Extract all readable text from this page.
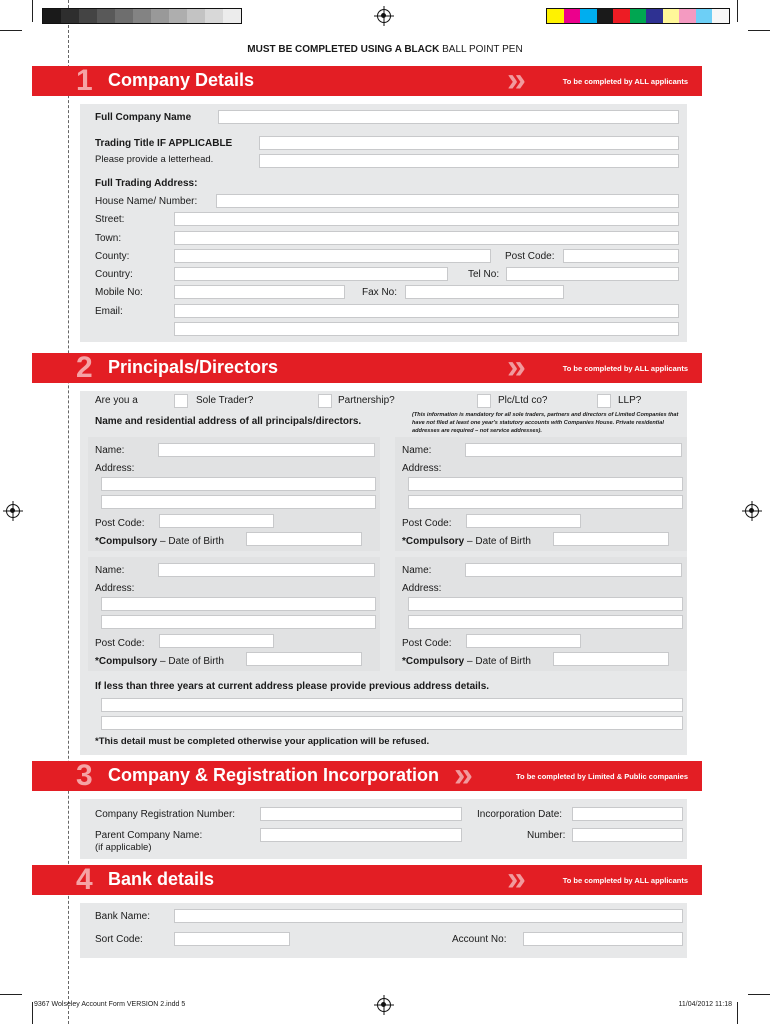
MUST BE COMPLETED USING A BLACK BALL POINT PEN
1 Company Details	»	To be completed by ALL applicants
Full Company Name
Trading Title IF APPLICABLE
Please provide a letterhead.
Full Trading Address:
House Name/ Number:
Street:
Town:
County:	Post Code:
Country:	Tel No:
Mobile No:	Fax No:
Email:
2 Principals/Directors	»	To be completed by ALL applicants
Are you a	Sole Trader?	Partnership?	Plc/Ltd co?	LLP?
Name and residential address of all principals/directors.
(This information is mandatory for all sole traders, partners and directors of Limited Companies that have not filed at least one year's statutory accounts with Companies House. Private residential addresses are required – not service addresses).
Name:
Address:
Post Code:
*Compulsory – Date of Birth
Name:
Address:
Post Code:
*Compulsory – Date of Birth
Name:
Address:
Post Code:
*Compulsory – Date of Birth
Name:
Address:
Post Code:
*Compulsory – Date of Birth
If less than three years at current address please provide previous address details.
*This detail must be completed otherwise your application will be refused.
3 Company & Registration Incorporation »	To be completed by Limited & Public companies
Company Registration Number:	Incorporation Date:
Parent Company Name:
(if applicable)
Number:
4 Bank details	»	To be completed by ALL applicants
Bank Name:
Sort Code:	Account No:
9367 Wolseley Account Form VERSION 2.indd 5	11/04/2012 11:18
